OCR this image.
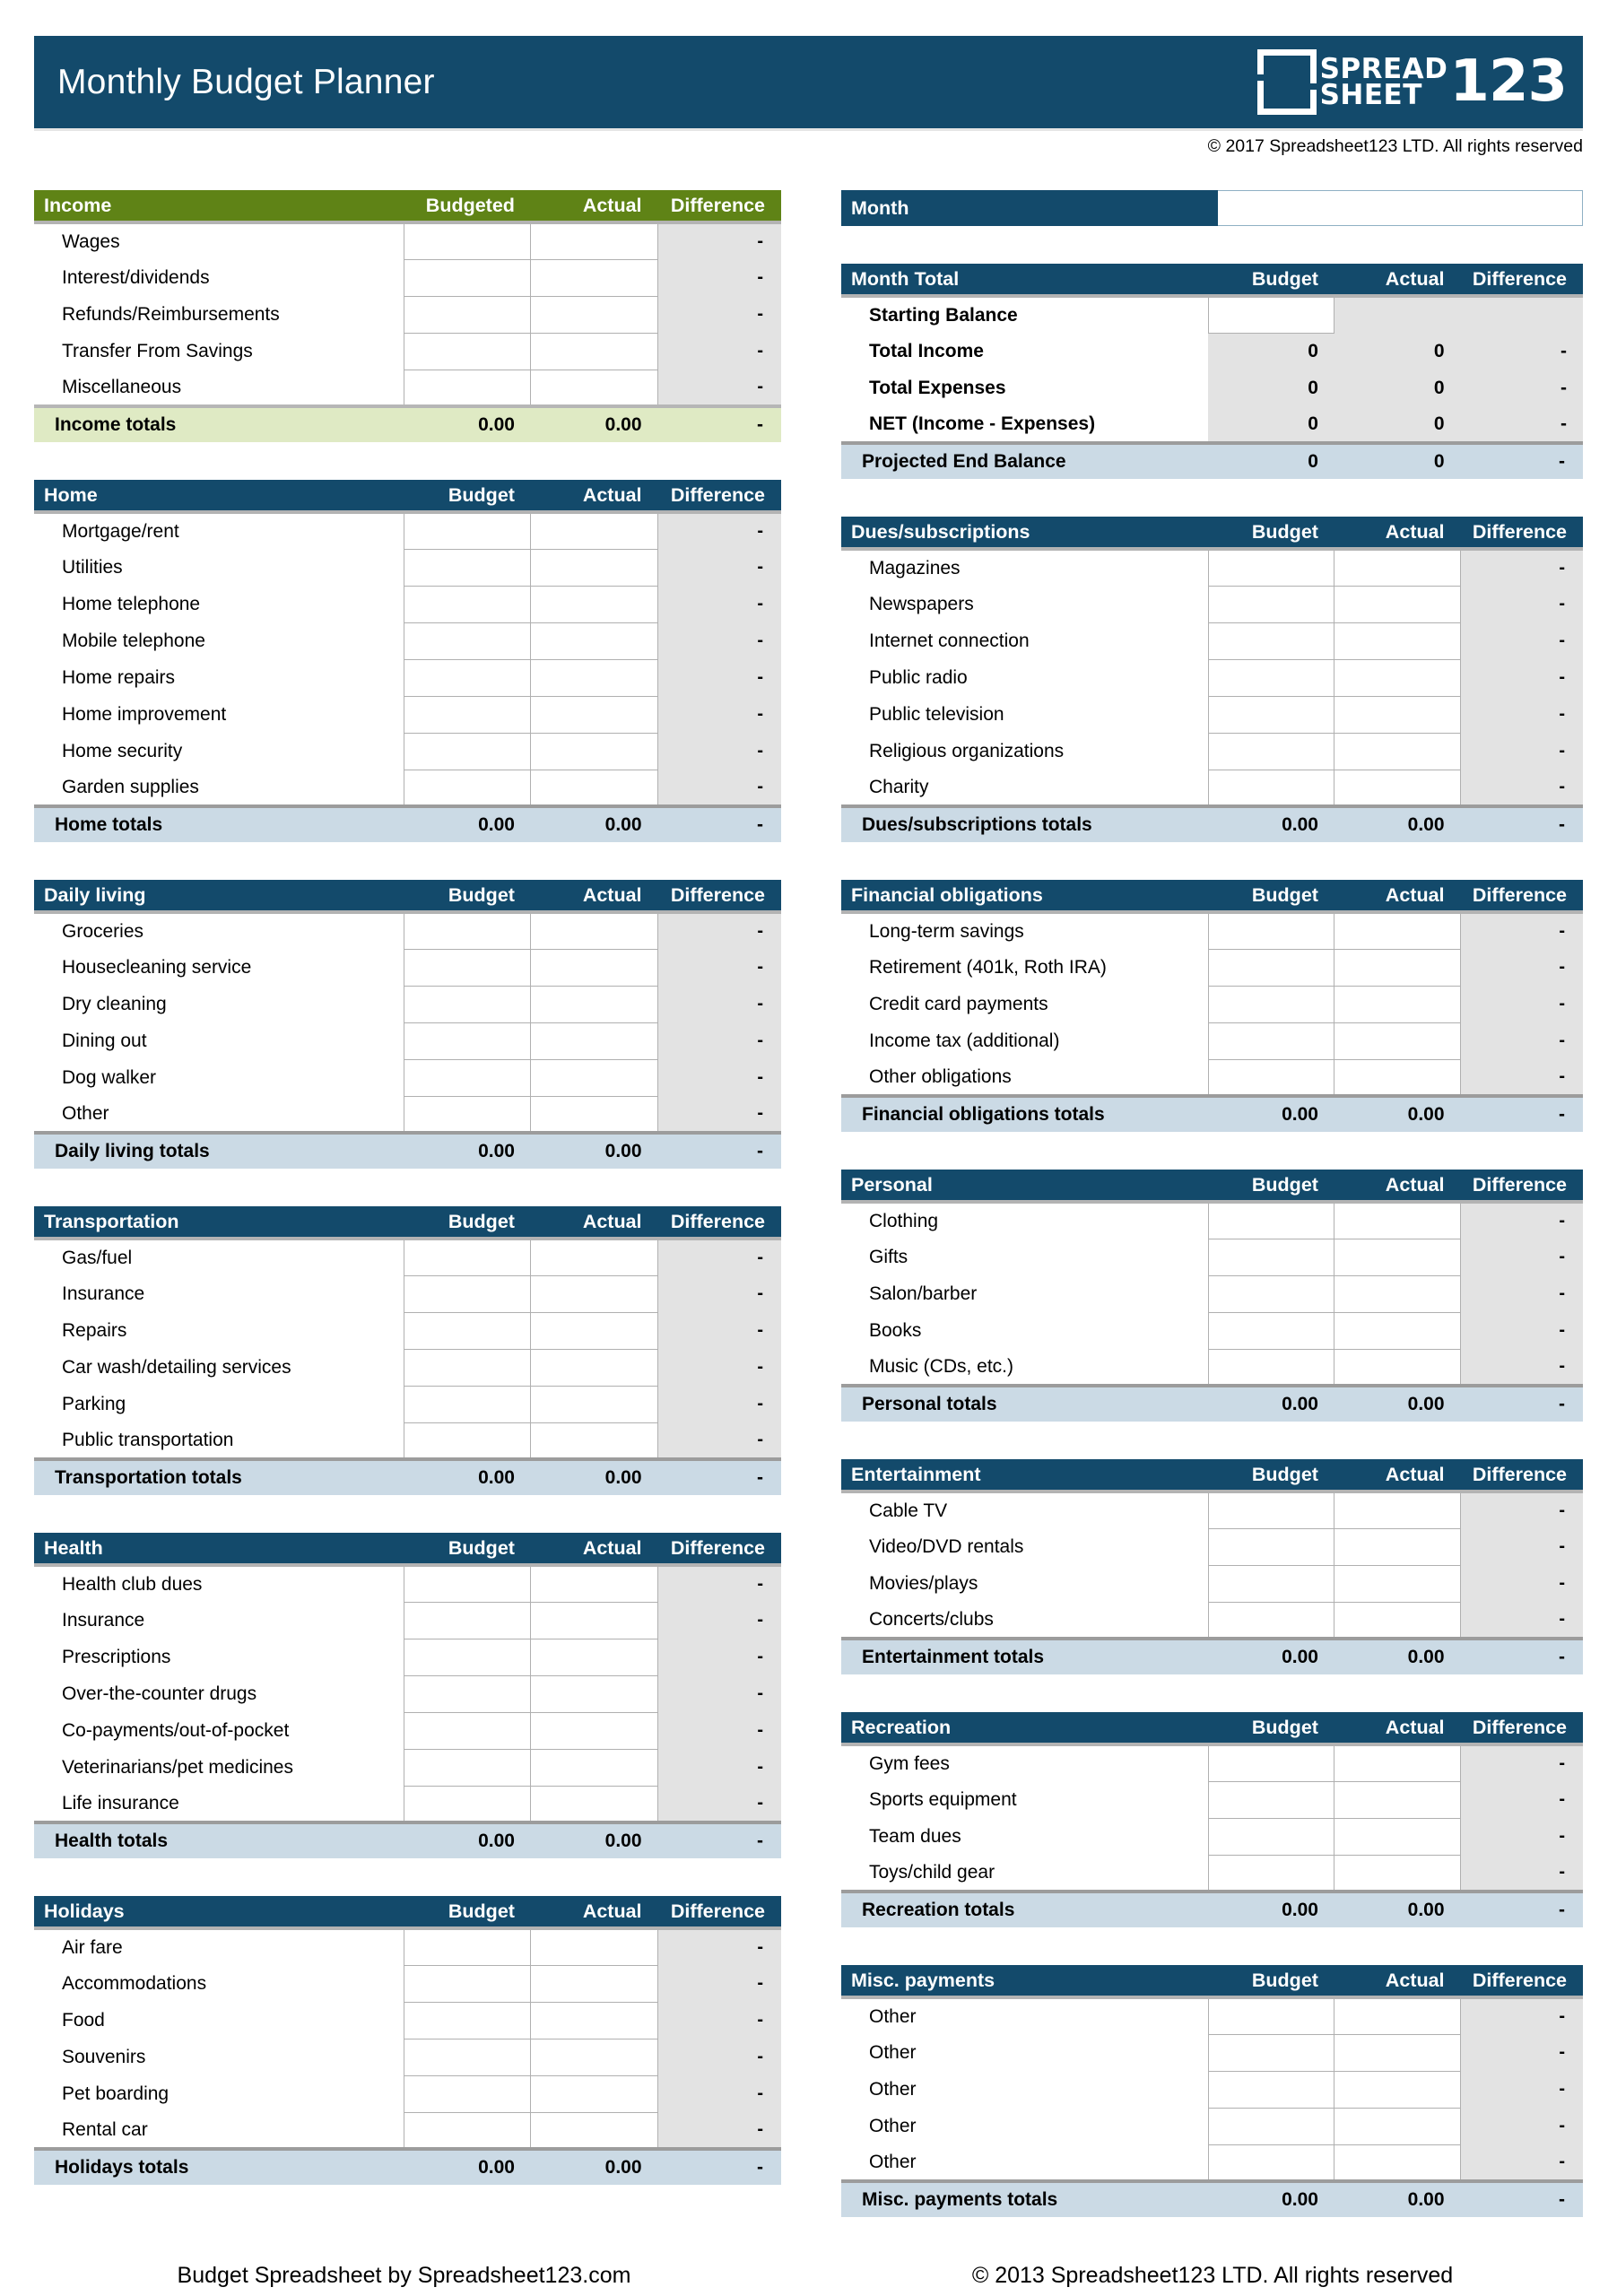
Monthly Budget Planner	SPREAD
SHEET 123
© 2017 Spreadsheet123 LTD. All rights reserved
Income	Budgeted	Actual	Difference
Wages			-
Interest/dividends			-
Refunds/Reimbursements			-
Transfer From Savings			-
Miscellaneous			-
Income totals	0.00	0.00	-
Home	Budget	Actual	Difference
Mortgage/rent			-
Utilities			-
Home telephone			-
Mobile telephone			-
Home repairs			-
Home improvement			-
Home security			-
Garden supplies			-
Home totals	0.00	0.00	-
Daily living	Budget	Actual	Difference
Groceries			-
Housecleaning service			-
Dry cleaning			-
Dining out			-
Dog walker			-
Other			-
Daily living totals	0.00	0.00	-
Transportation	Budget	Actual	Difference
Gas/fuel			-
Insurance			-
Repairs			-
Car wash/detailing services			-
Parking			-
Public transportation			-
Transportation totals	0.00	0.00	-
Health	Budget	Actual	Difference
Health club dues			-
Insurance			-
Prescriptions			-
Over-the-counter drugs			-
Co-payments/out-of-pocket			-
Veterinarians/pet medicines			-
Life insurance			-
Health totals	0.00	0.00	-
Holidays	Budget	Actual	Difference
Air fare			-
Accommodations			-
Food			-
Souvenirs			-
Pet boarding			-
Rental car			-
Holidays totals	0.00	0.00	-
Month
Month Total	Budget	Actual	Difference
Starting Balance			
Total Income	0	0	-
Total Expenses	0	0	-
NET (Income - Expenses)	0	0	-
Projected End Balance	0	0	-
Dues/subscriptions	Budget	Actual	Difference
Magazines			-
Newspapers			-
Internet connection			-
Public radio			-
Public television			-
Religious organizations			-
Charity			-
Dues/subscriptions totals	0.00	0.00	-
Financial obligations	Budget	Actual	Difference
Long-term savings			-
Retirement (401k, Roth IRA)			-
Credit card payments			-
Income tax (additional)			-
Other obligations			-
Financial obligations totals	0.00	0.00	-
Personal	Budget	Actual	Difference
Clothing			-
Gifts			-
Salon/barber			-
Books			-
Music (CDs, etc.)			-
Personal totals	0.00	0.00	-
Entertainment	Budget	Actual	Difference
Cable TV			-
Video/DVD rentals			-
Movies/plays			-
Concerts/clubs			-
Entertainment totals	0.00	0.00	-
Recreation	Budget	Actual	Difference
Gym fees			-
Sports equipment			-
Team dues			-
Toys/child gear			-
Recreation totals	0.00	0.00	-
Misc. payments	Budget	Actual	Difference
Other			-
Other			-
Other			-
Other			-
Other			-
Misc. payments totals	0.00	0.00	-
Budget Spreadsheet by Spreadsheet123.com	© 2013 Spreadsheet123 LTD. All rights reserved
